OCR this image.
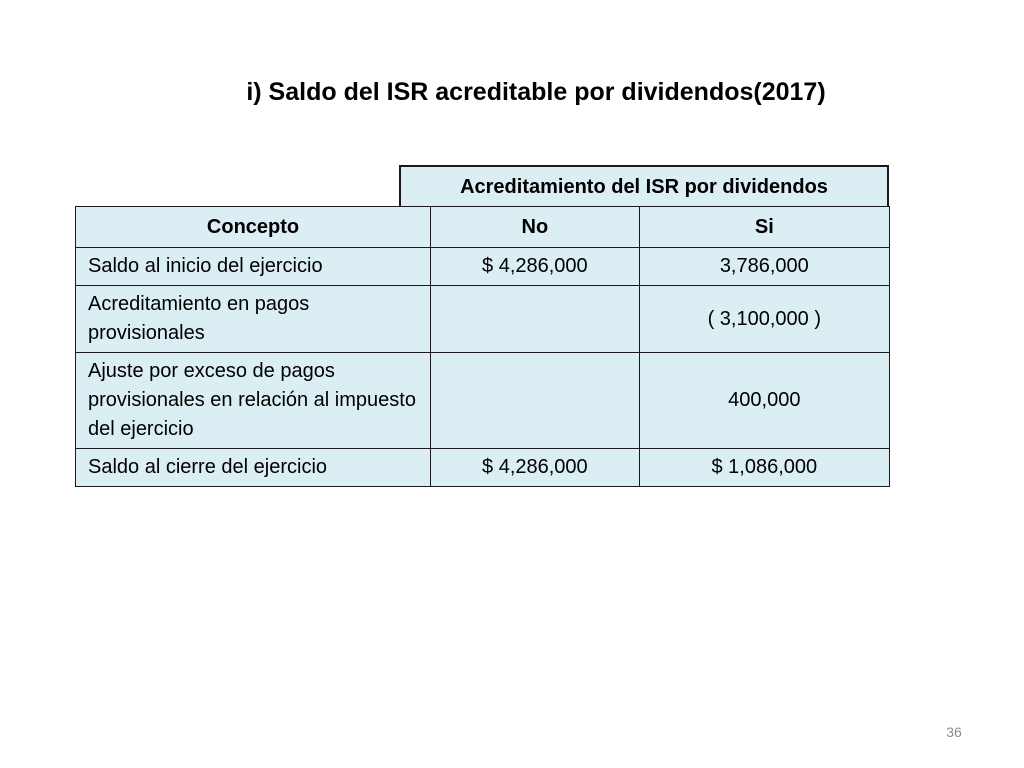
i) Saldo del ISR acreditable por dividendos(2017)
Acreditamiento del ISR por dividendos
Concepto	No	Si
Saldo al inicio del ejercicio	$ 4,286,000	3,786,000
Acreditamiento en pagos provisionales		( 3,100,000 )
Ajuste por exceso de pagos provisionales en relación al impuesto del ejercicio		400,000
Saldo al cierre del ejercicio	$ 4,286,000	$ 1,086,000
36
